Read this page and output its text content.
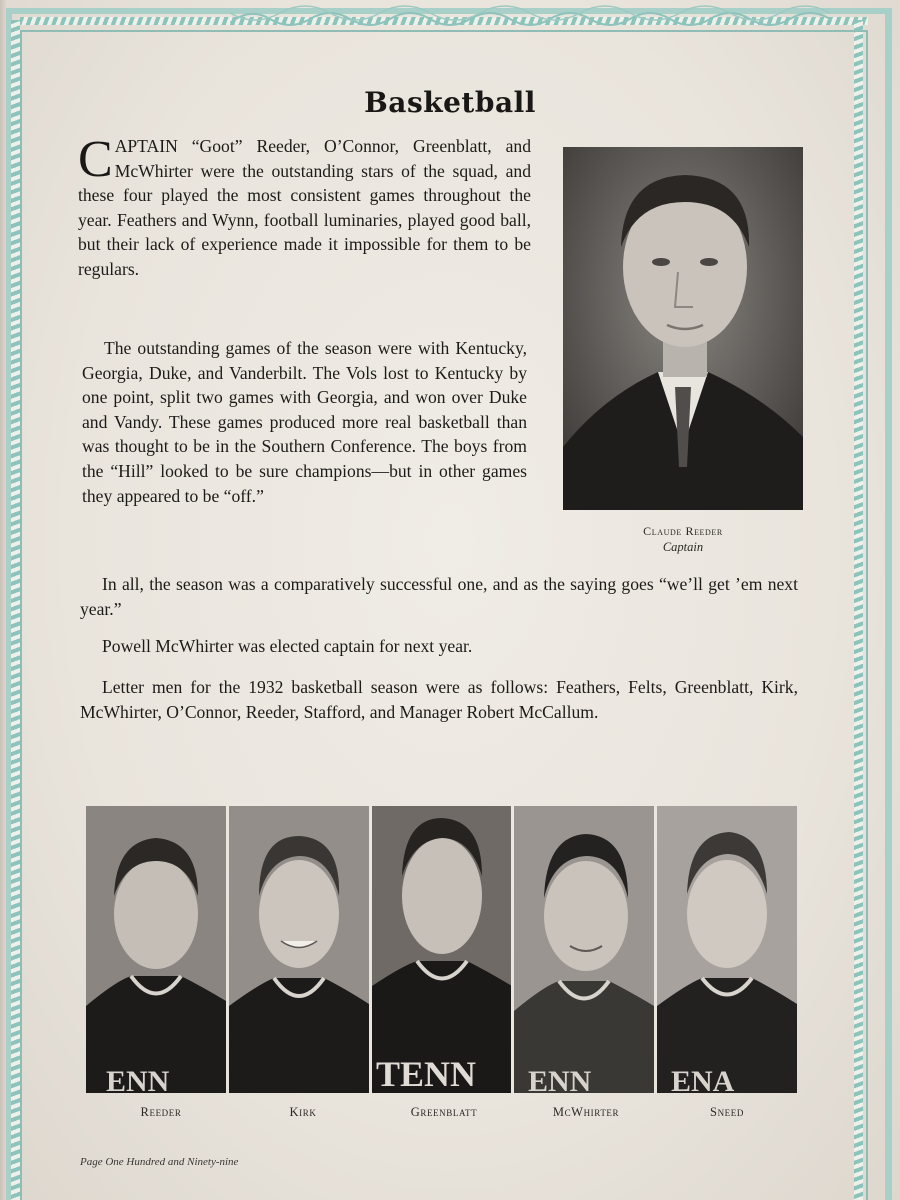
Basketball

CAPTAIN “Goot” Reeder, O’Connor, Greenblatt, and McWhirter were the outstanding stars of the squad, and these four played the most consistent games throughout the year. Feathers and Wynn, football luminaries, played good ball, but their lack of experience made it impossible for them to be regulars.

The outstanding games of the season were with Kentucky, Georgia, Duke, and Vanderbilt. The Vols lost to Kentucky by one point, split two games with Georgia, and won over Duke and Vandy. These games produced more real basketball than was thought to be in the Southern Conference. The boys from the “Hill” looked to be sure champions—but in other games they appeared to be “off.”

Claude Reeder
Captain

In all, the season was a comparatively successful one, and as the saying goes “we’ll get ’em next year.”

Powell McWhirter was elected captain for next year.

Letter men for the 1932 basketball season were as follows: Feathers, Felts, Greenblatt, Kirk, McWhirter, O’Connor, Reeder, Stafford, and Manager Robert McCallum.

ENN	TENN ENN	ENA
Reeder	Kirk	Greenblatt	McWhirter	Sneed
Page One Hundred and Ninety-nine
